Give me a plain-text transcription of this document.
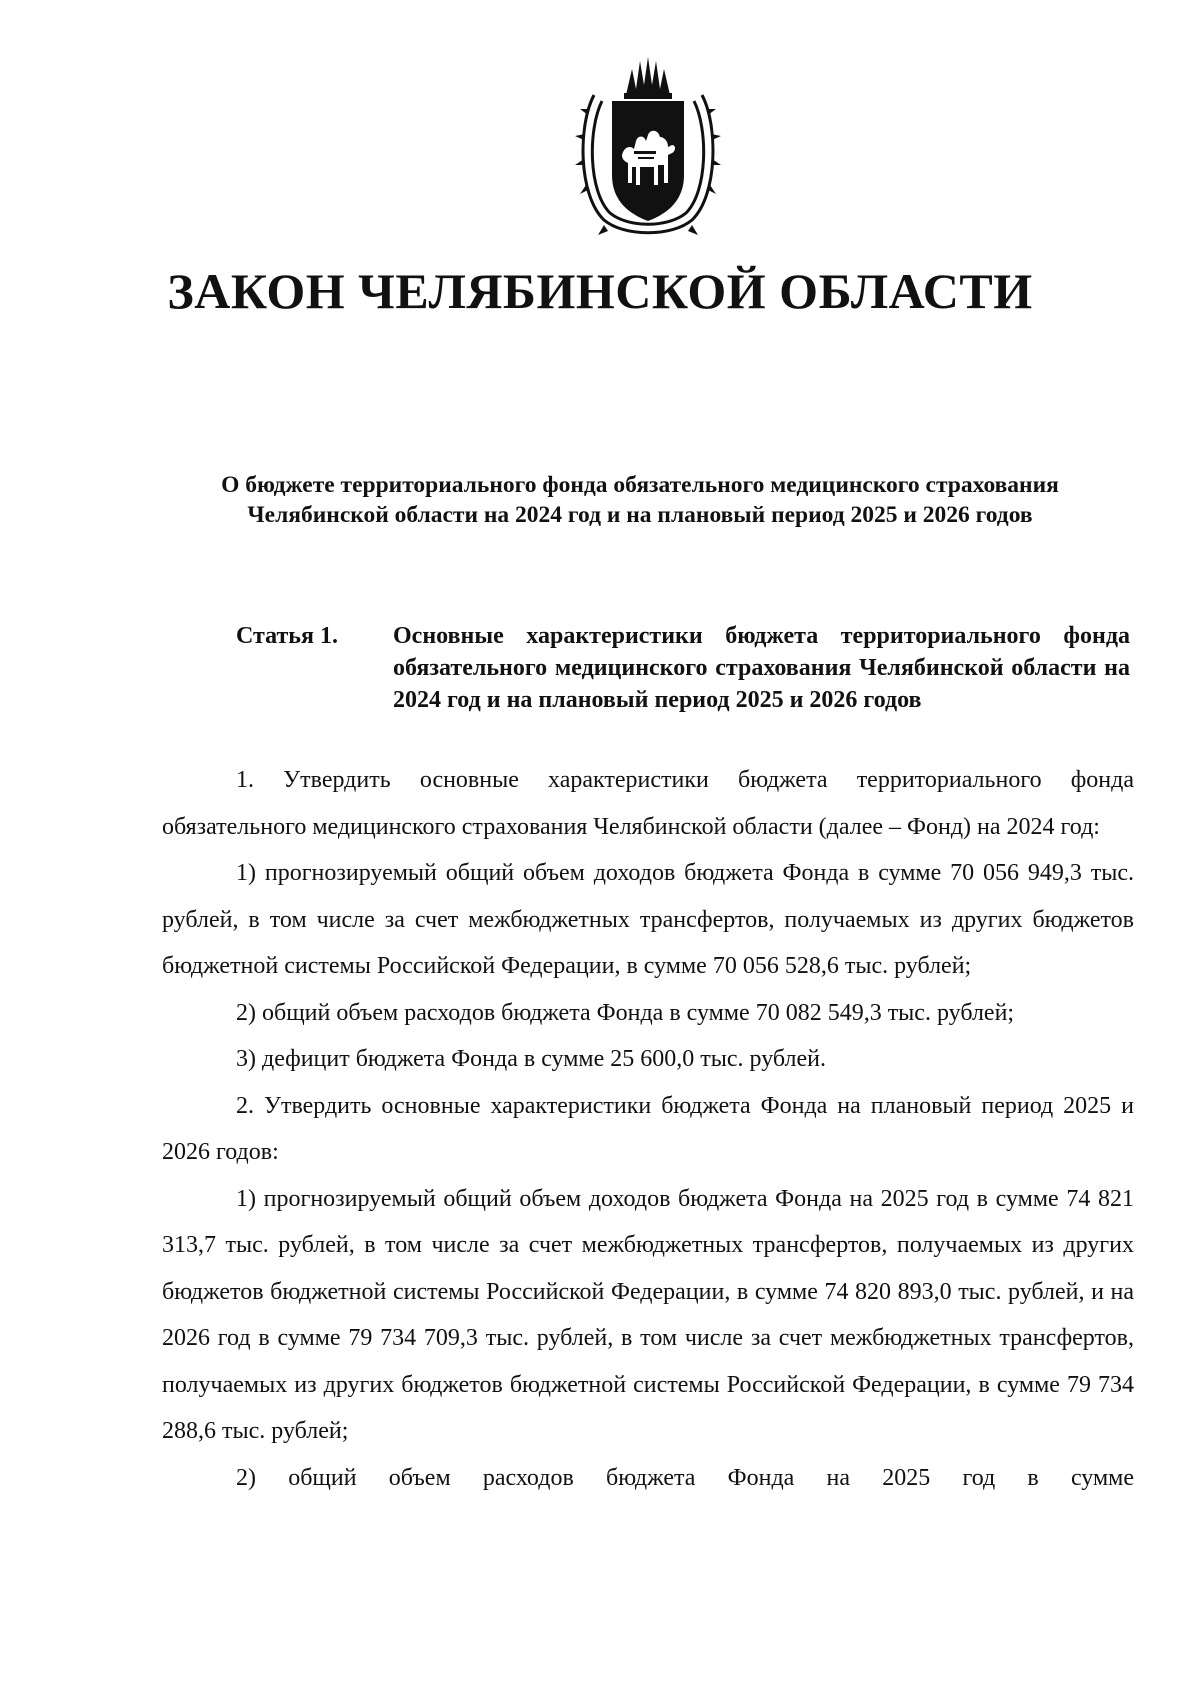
ЗАКОН ЧЕЛЯБИНСКОЙ ОБЛАСТИ
О бюджете территориального фонда обязательного медицинского страхования
Челябинской области на 2024 год и на плановый период 2025 и 2026 годов
Статья 1. Основные характеристики бюджета территориального фонда обязательного медицинского страхования Челябинской области на 2024 год и на плановый период 2025 и 2026 годов

1. Утвердить основные характеристики бюджета территориального фонда обязательного медицинского страхования Челябинской области (далее – Фонд) на 2024 год:

1) прогнозируемый общий объем доходов бюджета Фонда в сумме 70 056 949,3 тыс. рублей, в том числе за счет межбюджетных трансфертов, получаемых из других бюджетов бюджетной системы Российской Федерации, в сумме 70 056 528,6 тыс. рублей;

2) общий объем расходов бюджета Фонда в сумме 70 082 549,3 тыс. рублей;

3) дефицит бюджета Фонда в сумме 25 600,0 тыс. рублей.

2. Утвердить основные характеристики бюджета Фонда на плановый период 2025 и 2026 годов:

1) прогнозируемый общий объем доходов бюджета Фонда на 2025 год в сумме 74 821 313,7 тыс. рублей, в том числе за счет межбюджетных трансфертов, получаемых из других бюджетов бюджетной системы Российской Федерации, в сумме 74 820 893,0 тыс. рублей, и на 2026 год в сумме 79 734 709,3 тыс. рублей, в том числе за счет межбюджетных трансфертов, получаемых из других бюджетов бюджетной системы Российской Федерации, в сумме 79 734 288,6 тыс. рублей;

2) общий объем расходов бюджета Фонда на 2025 год в сумме
